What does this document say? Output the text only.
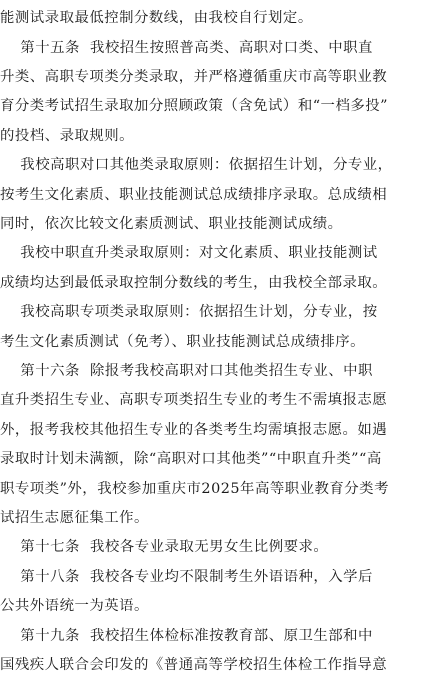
能测试录取最低控制分数线，由我校自行划定。
第十五条  我校招生按照普高类、高职对口类、中职直
升类、高职专项类分类录取，并严格遵循重庆市高等职业教
育分类考试招生录取加分照顾政策（含免试）和“一档多投”
的投档、录取规则。
我校高职对口其他类录取原则：依据招生计划，分专业，
按考生文化素质、职业技能测试总成绩排序录取。总成绩相
同时，依次比较文化素质测试、职业技能测试成绩。
我校中职直升类录取原则：对文化素质、职业技能测试
成绩均达到最低录取控制分数线的考生，由我校全部录取。
我校高职专项类录取原则：依据招生计划，分专业，按
考生文化素质测试（免考）、职业技能测试总成绩排序。
第十六条  除报考我校高职对口其他类招生专业、中职
直升类招生专业、高职专项类招生专业的考生不需填报志愿
外，报考我校其他招生专业的各类考生均需填报志愿。如遇
录取时计划未满额，除“高职对口其他类”“中职直升类”“高
职专项类”外，我校参加重庆市2025年高等职业教育分类考
试招生志愿征集工作。
第十七条  我校各专业录取无男女生比例要求。
第十八条  我校各专业均不限制考生外语语种，入学后
公共外语统一为英语。
第十九条  我校招生体检标准按教育部、原卫生部和中
国残疾人联合会印发的《普通高等学校招生体检工作指导意
